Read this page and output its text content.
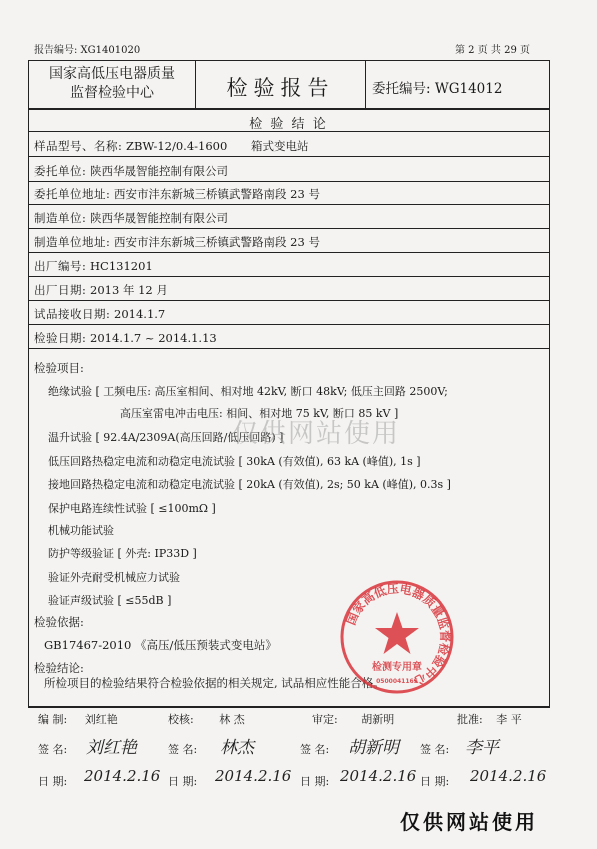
报告编号: XG1401020	第 2 页 共 29 页
国家高低压电器质量
监督检验中心	检验报告	委托编号: WG14012
检 验 结 论
样品型号、名称: ZBW-12/0.4-1600 箱式变电站
委托单位: 陕西华晟智能控制有限公司
委托单位地址: 西安市沣东新城三桥镇武警路南段 23 号
制造单位: 陕西华晟智能控制有限公司
制造单位地址: 西安市沣东新城三桥镇武警路南段 23 号
出厂编号: HC131201
出厂日期: 2013 年 12 月
试品接收日期: 2014.1.7
检验日期: 2014.1.7 ~ 2014.1.13
检验项目:
绝缘试验 [ 工频电压: 高压室相间、相对地 42kV, 断口 48kV; 低压主回路 2500V;
高压室雷电冲击电压: 相间、相对地 75 kV, 断口 85 kV ]
温升试验 [ 92.4A/2309A(高压回路/低压回路) ]
低压回路热稳定电流和动稳定电流试验 [ 30kA (有效值), 63 kA (峰值), 1s ]
接地回路热稳定电流和动稳定电流试验 [ 20kA (有效值), 2s; 50 kA (峰值), 0.3s ]
保护电路连续性试验 [ ≤100mΩ ]
机械功能试验
防护等级验证 [ 外壳: IP33D ]
验证外壳耐受机械应力试验
验证声级试验 [ ≤55dB ]
仅供网站使用
检验依据:
GB17467-2010 《高压/低压预装式变电站》
检验结论:
所检项目的检验结果符合检验依据的相关规定, 试品相应性能合格。
国家高低压电器质量监督检验中心
检测专用章
0500041165
编 制: 刘红艳	校核: 林 杰	审定: 胡新明	批准: 李 平
签 名: 刘红艳	签 名: 林杰	签 名: 胡新明 签 名: 李平
日 期: 2014.2.16 日 期: 2014.2.16 日 期: 2014.2.16 日 期: 2014.2.16
仅供网站使用
